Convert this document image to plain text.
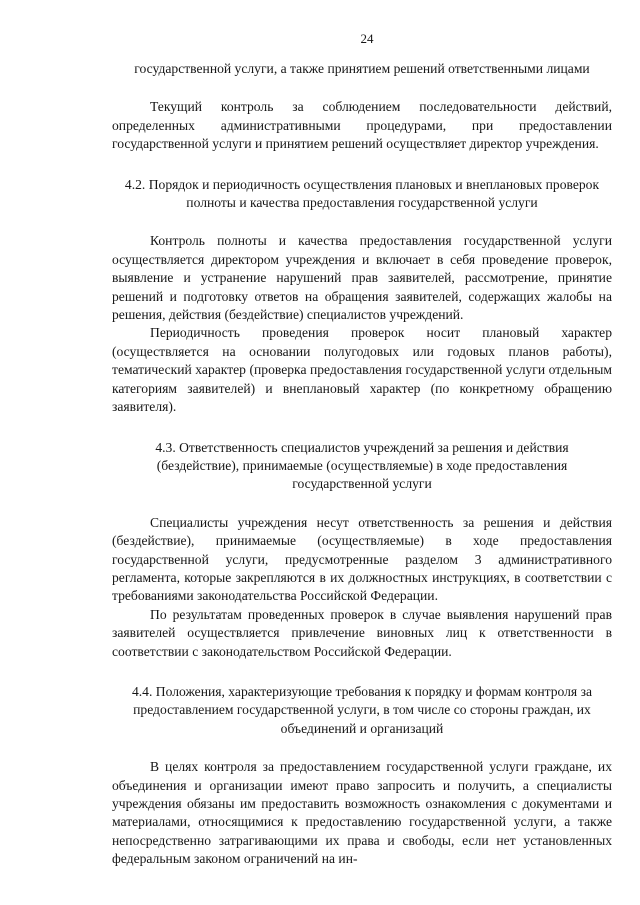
24

государственной услуги, а также принятием решений ответственными лицами

Текущий контроль за соблюдением последовательности действий, определенных административными процедурами, при предоставлении государственной услуги и принятием решений осуществляет директор учреждения.

4.2. Порядок и периодичность осуществления плановых и внеплановых проверок полноты и качества предоставления государственной услуги

Контроль полноты и качества предоставления государственной услуги осуществляется директором учреждения и включает в себя проведение проверок, выявление и устранение нарушений прав заявителей, рассмотрение, принятие решений и подготовку ответов на обращения заявителей, содержащих жалобы на решения, действия (бездействие) специалистов учреждений.

Периодичность проведения проверок носит плановый характер (осуществляется на основании полугодовых или годовых планов работы), тематический характер (проверка предоставления государственной услуги отдельным категориям заявителей) и внеплановый характер (по конкретному обращению заявителя).

4.3. Ответственность специалистов учреждений за решения и действия (бездействие), принимаемые (осуществляемые) в ходе предоставления государственной услуги

Специалисты учреждения несут ответственность за решения и действия (бездействие), принимаемые (осуществляемые) в ходе предоставления государственной услуги, предусмотренные разделом 3 административного регламента, которые закрепляются в их должностных инструкциях, в соответствии с требованиями законодательства Российской Федерации.

По результатам проведенных проверок в случае выявления нарушений прав заявителей осуществляется привлечение виновных лиц к ответственности в соответствии с законодательством Российской Федерации.

4.4. Положения, характеризующие требования к порядку и формам контроля за предоставлением государственной услуги, в том числе со стороны граждан, их объединений и организаций

В целях контроля за предоставлением государственной услуги граждане, их объединения и организации имеют право запросить и получить, а специалисты учреждения обязаны им предоставить возможность ознакомления с документами и материалами, относящимися к предоставлению государственной услуги, а также непосредственно затрагивающими их права и свободы, если нет установленных федеральным законом ограничений на ин-
